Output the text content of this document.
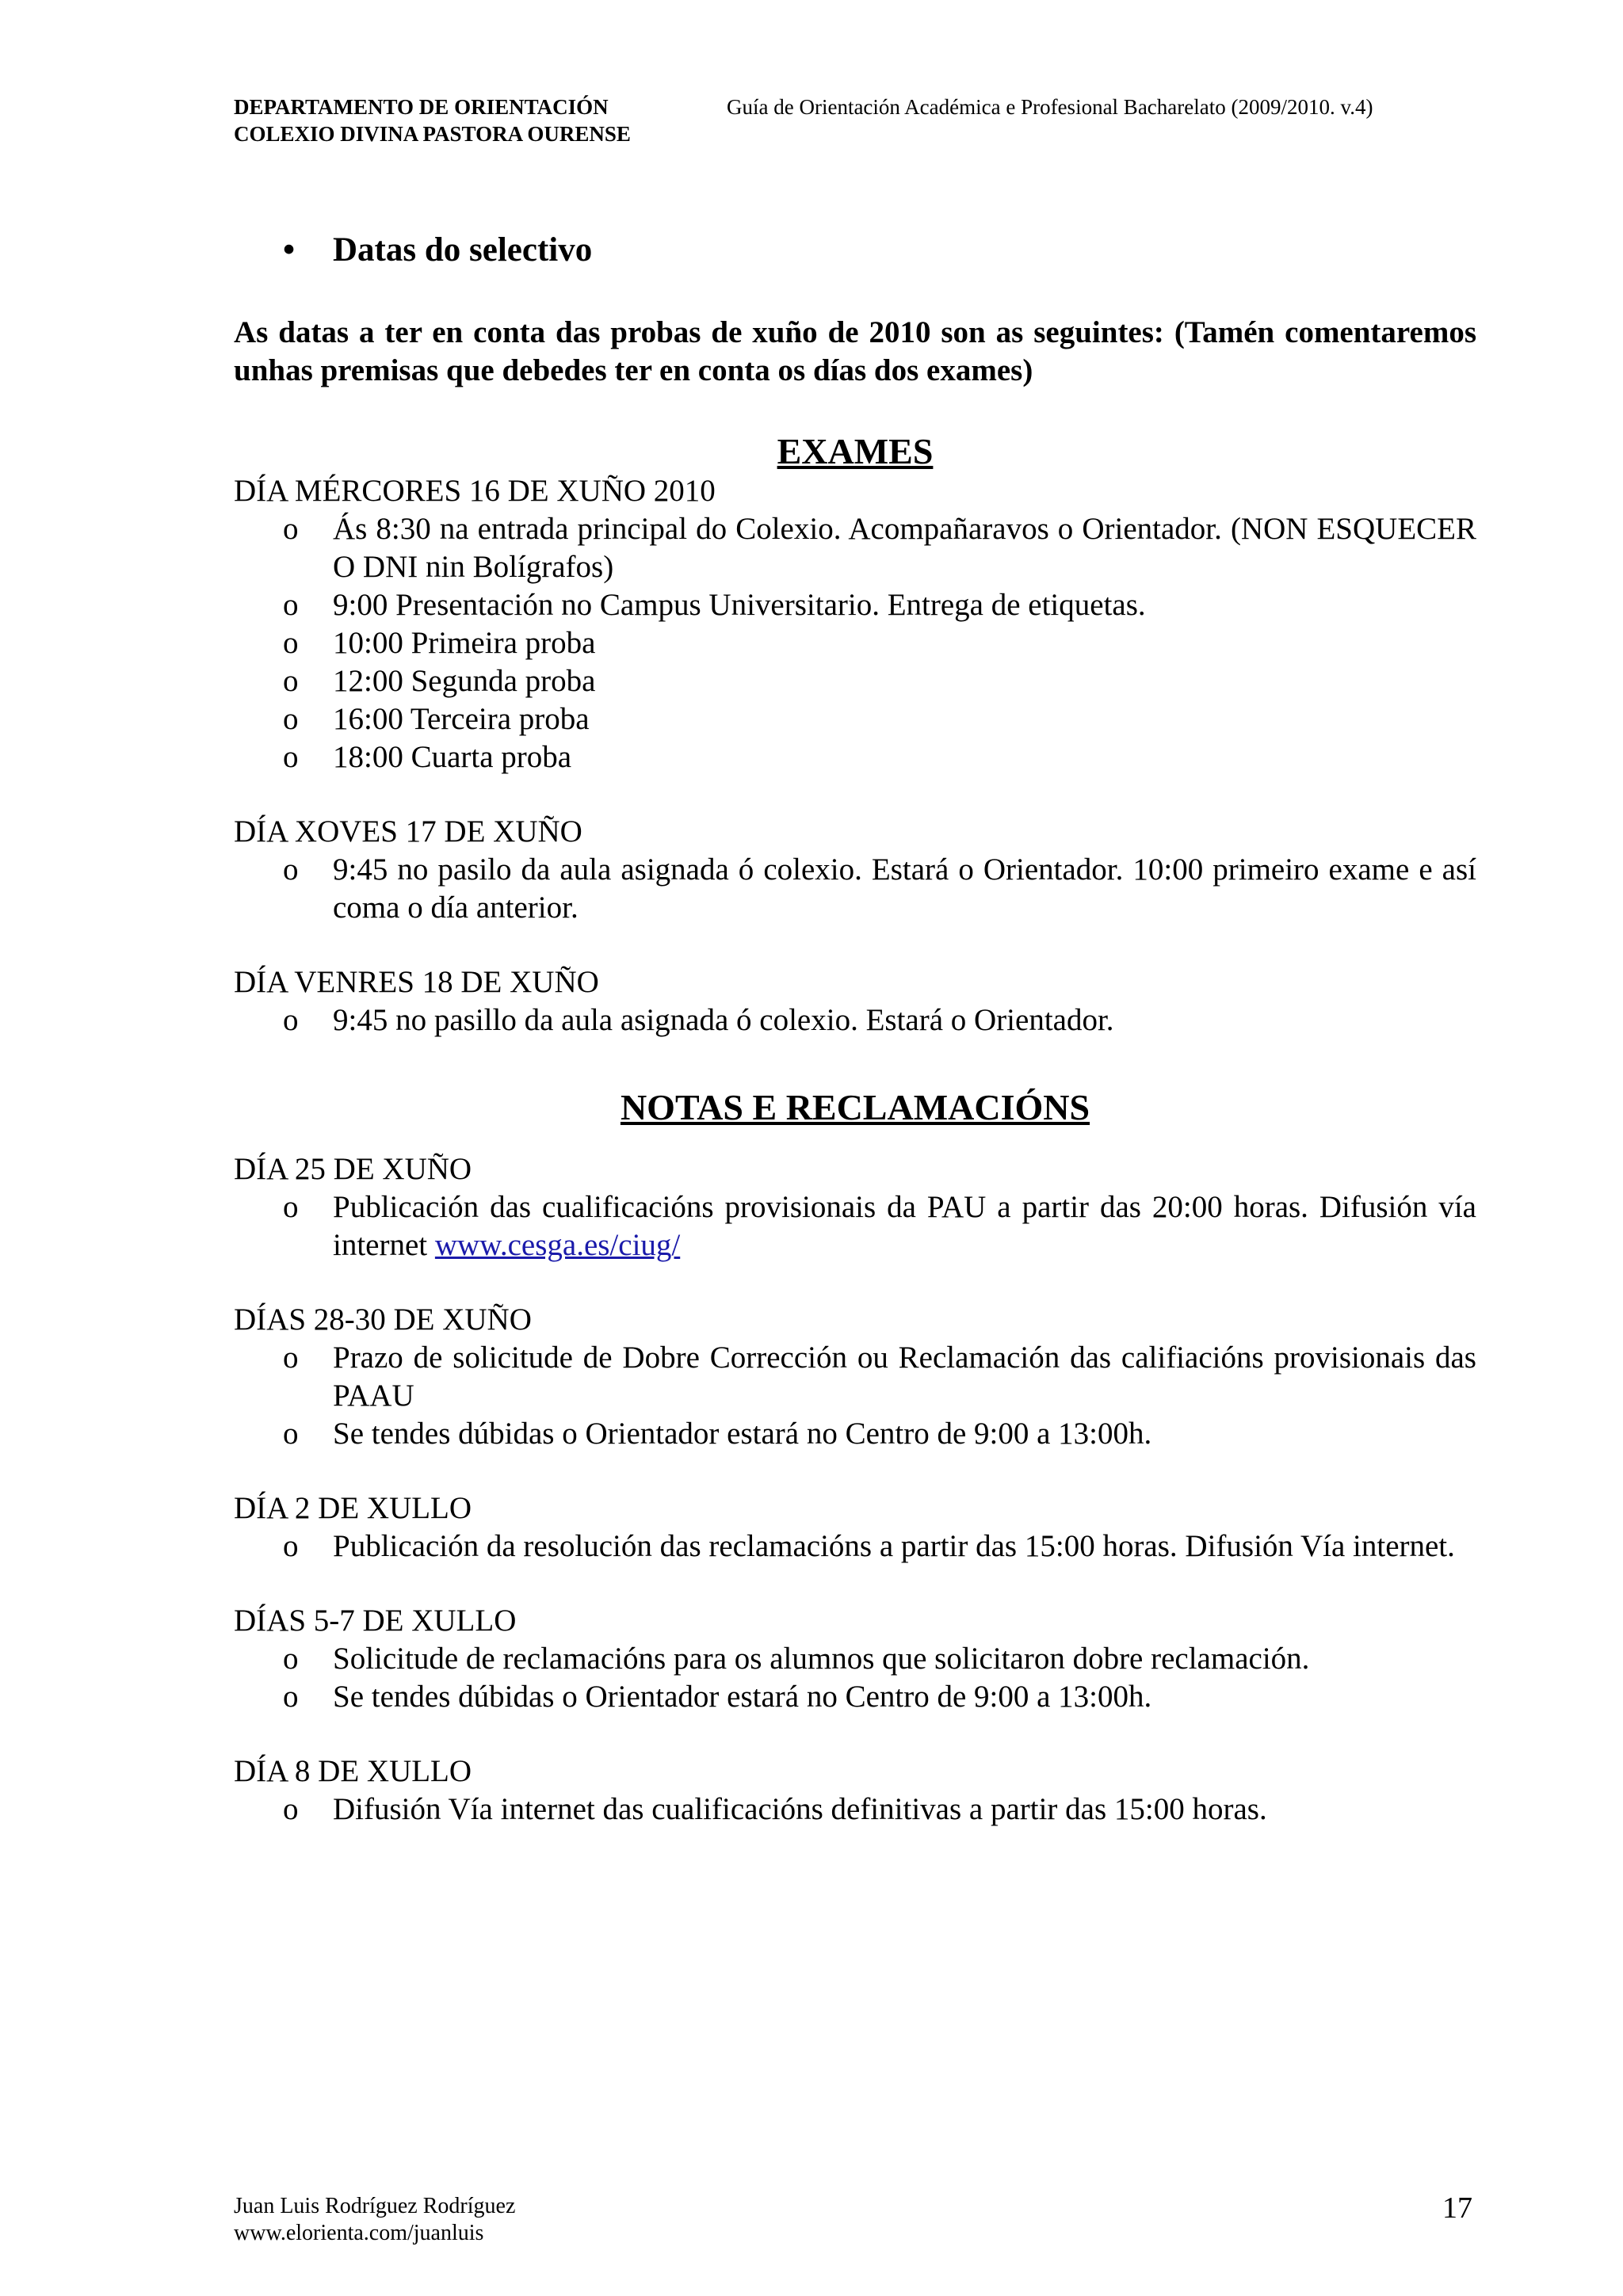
DEPARTAMENTO DE ORIENTACIÓN
COLEXIO DIVINA PASTORA OURENSE
Guía de Orientación Académica e Profesional Bacharelato (2009/2010. v.4)
• Datas do selectivo
As datas a ter en conta das probas de xuño de 2010 son as seguintes: (Tamén comentaremos unhas premisas que debedes ter en conta os días dos exames)
EXAMES

DÍA MÉRCORES 16 DE XUÑO 2010

o Ás 8:30 na entrada principal do Colexio. Acompañaravos o Orientador. (NON ESQUECER O DNI nin Bolígrafos)
o 9:00 Presentación no Campus Universitario. Entrega de etiquetas.
o 10:00 Primeira proba
o 12:00 Segunda proba
o 16:00 Terceira proba
o 18:00 Cuarta proba

DÍA XOVES 17 DE XUÑO

o 9:45 no pasilo da aula asignada ó colexio. Estará o Orientador. 10:00 primeiro exame e así coma o día anterior.

DÍA VENRES 18 DE XUÑO

o 9:45 no pasillo da aula asignada ó colexio. Estará o Orientador.
NOTAS E RECLAMACIÓNS

DÍA 25 DE XUÑO

o Publicación das cualificacións provisionais da PAU a partir das 20:00 horas. Difusión vía internet www.cesga.es/ciug/

DÍAS 28-30 DE XUÑO

o Prazo de solicitude de Dobre Corrección ou Reclamación das califiacións provisionais das PAAU
o Se tendes dúbidas o Orientador estará no Centro de 9:00 a 13:00h.

DÍA 2 DE XULLO

o Publicación da resolución das reclamacións a partir das 15:00 horas. Difusión Vía internet.

DÍAS 5-7 DE XULLO

o Solicitude de reclamacións para os alumnos que solicitaron dobre reclamación.
o Se tendes dúbidas o Orientador estará no Centro de 9:00 a 13:00h.

DÍA 8 DE XULLO

o Difusión Vía internet das cualificacións definitivas a partir das 15:00 horas.
Juan Luis Rodríguez Rodríguez
www.elorienta.com/juanluis
17
